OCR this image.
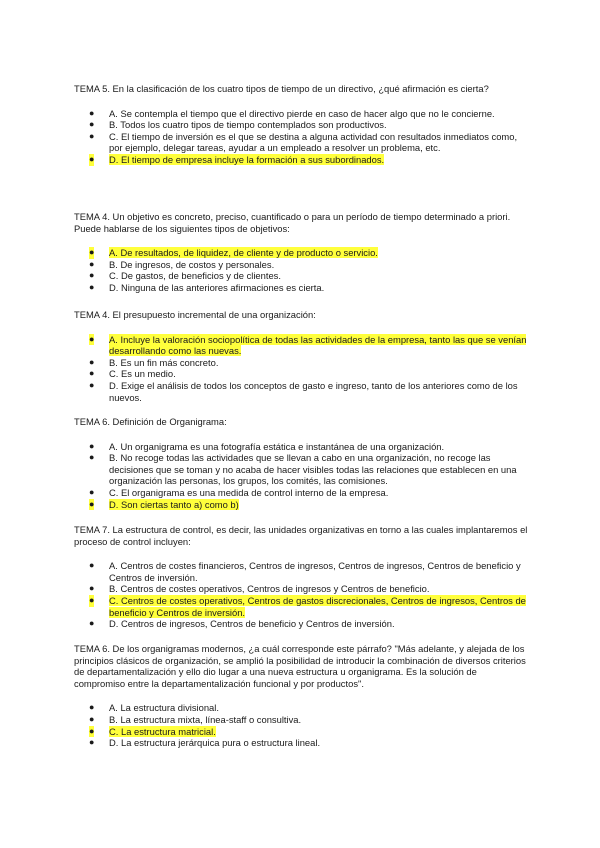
TEMA 5. En la clasificación de los cuatro tipos de tiempo de un directivo, ¿qué afirmación es cierta?

● A. Se contempla el tiempo que el directivo pierde en caso de hacer algo que no le concierne.
● B. Todos los cuatro tipos de tiempo contemplados son productivos.
● C. El tiempo de inversión es el que se destina a alguna actividad con resultados inmediatos como, por ejemplo, delegar tareas, ayudar a un empleado a resolver un problema, etc.
● D. El tiempo de empresa incluye la formación a sus subordinados.

TEMA 4. Un objetivo es concreto, preciso, cuantificado o para un período de tiempo determinado a priori. Puede hablarse de los siguientes tipos de objetivos:

● A. De resultados, de liquidez, de cliente y de producto o servicio.
● B. De ingresos, de costos y personales.
● C. De gastos, de beneficios y de clientes.
● D. Ninguna de las anteriores afirmaciones es cierta.

TEMA 4. El presupuesto incremental de una organización:

● A. Incluye la valoración sociopolítica de todas las actividades de la empresa, tanto las que se venían desarrollando como las nuevas.
● B. Es un fin más concreto.
● C. Es un medio.
● D. Exige el análisis de todos los conceptos de gasto e ingreso, tanto de los anteriores como de los nuevos.

TEMA 6. Definición de Organigrama:

● A. Un organigrama es una fotografía estática e instantánea de una organización.
● B. No recoge todas las actividades que se llevan a cabo en una organización, no recoge las decisiones que se toman y no acaba de hacer visibles todas las relaciones que establecen en una organización las personas, los grupos, los comités, las comisiones.
● C. El organigrama es una medida de control interno de la empresa.
● D. Son ciertas tanto a) como b)

TEMA 7. La estructura de control, es decir, las unidades organizativas en torno a las cuales implantaremos el proceso de control incluyen:

● A. Centros de costes financieros, Centros de ingresos, Centros de ingresos, Centros de beneficio y Centros de inversión.
● B. Centros de costes operativos, Centros de ingresos y Centros de beneficio.
● C. Centros de costes operativos, Centros de gastos discrecionales, Centros de ingresos, Centros de beneficio y Centros de inversión.
● D. Centros de ingresos, Centros de beneficio y Centros de inversión.

TEMA 6. De los organigramas modernos, ¿a cuál corresponde este párrafo? "Más adelante, y alejada de los principios clásicos de organización, se amplió la posibilidad de introducir la combinación de diversos criterios de departamentalización y ello dio lugar a una nueva estructura u organigrama. Es la solución de compromiso entre la departamentalización funcional y por productos".

● A. La estructura divisional.
● B. La estructura mixta, línea-staff o consultiva.
● C. La estructura matricial.
● D. La estructura jerárquica pura o estructura lineal.
